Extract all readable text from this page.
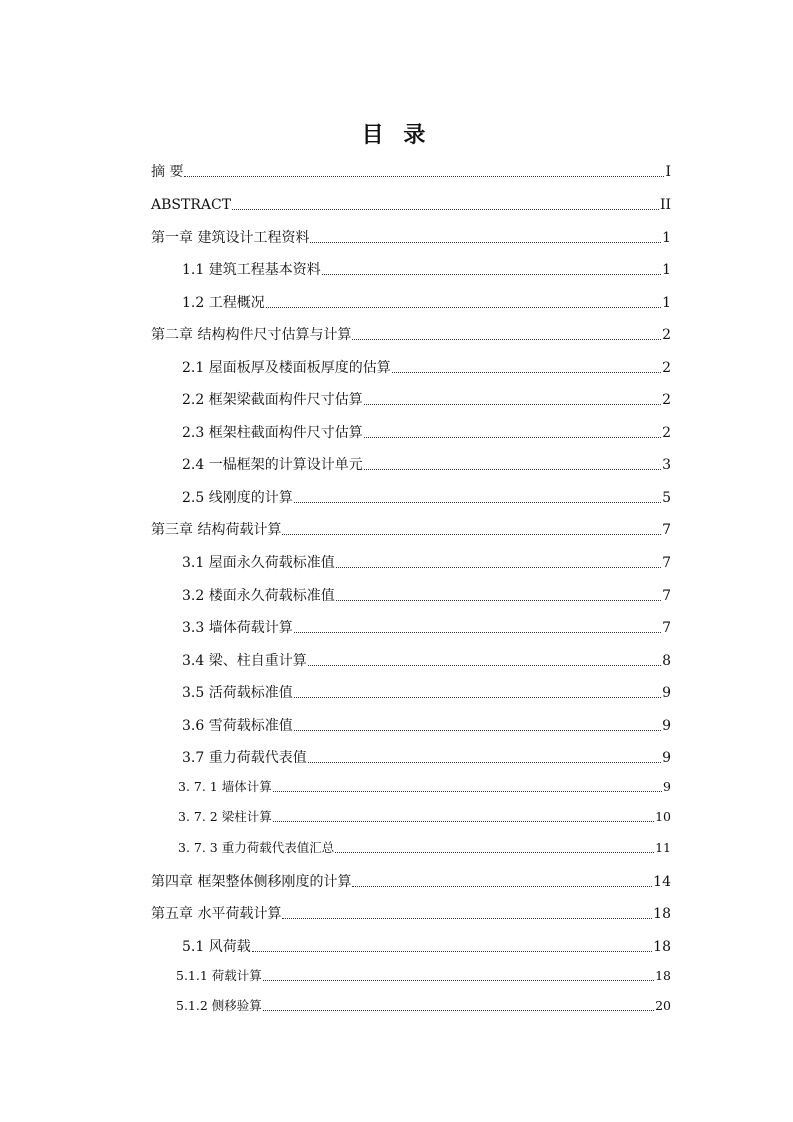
目 录
摘 要	I
ABSTRACT	II
第一章 建筑设计工程资料	1
1.1 建筑工程基本资料	1
1.2 工程概况	1
第二章 结构构件尺寸估算与计算	2
2.1 屋面板厚及楼面板厚度的估算	2
2.2 框架梁截面构件尺寸估算	2
2.3 框架柱截面构件尺寸估算	2
2.4 一榀框架的计算设计单元	3
2.5 线刚度的计算	5
第三章 结构荷载计算	7
3.1 屋面永久荷载标准值	7
3.2 楼面永久荷载标准值	7
3.3 墙体荷载计算	7
3.4 梁、柱自重计算	8
3.5 活荷载标准值	9
3.6 雪荷载标准值	9
3.7 重力荷载代表值	9
3. 7. 1 墙体计算	9
3. 7. 2 梁柱计算	10
3. 7. 3 重力荷载代表值汇总	11
第四章 框架整体侧移刚度的计算	14
第五章 水平荷载计算	18
5.1 风荷载	18
5.1.1 荷载计算	18
5.1.2 侧移验算	20
